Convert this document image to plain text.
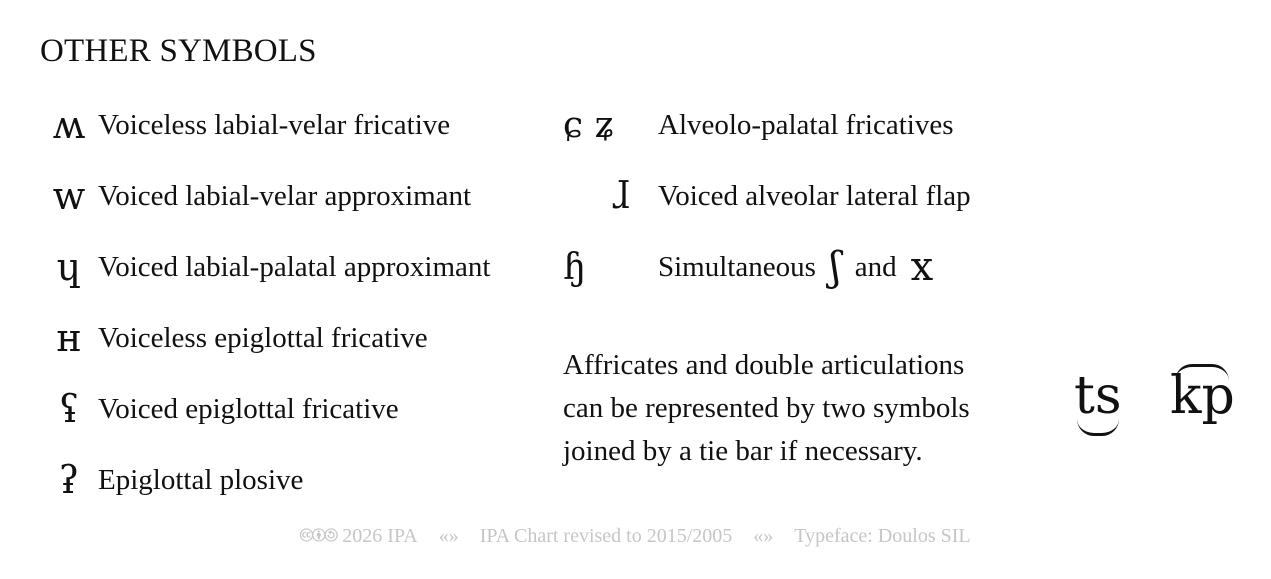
OTHER SYMBOLS
ʍ Voiceless labial-velar fricative
w Voiced labial-velar approximant
ɥ Voiced labial-palatal approximant
ʜ Voiceless epiglottal fricative
ʢ Voiced epiglottal fricative
ʡ Epiglottal plosive
ɕ ʑ	Alveolo-palatal fricatives
ɺ Voiced alveolar lateral flap
ɧ	Simultaneous ʃ and x
Affricates and double articulations
can be represented by two symbols
joined by a tie bar if necessary.
ts kp
🅭🅯🄎 2026 IPA «» IPA Chart revised to 2015/2005 «» Typeface: Doulos SIL
